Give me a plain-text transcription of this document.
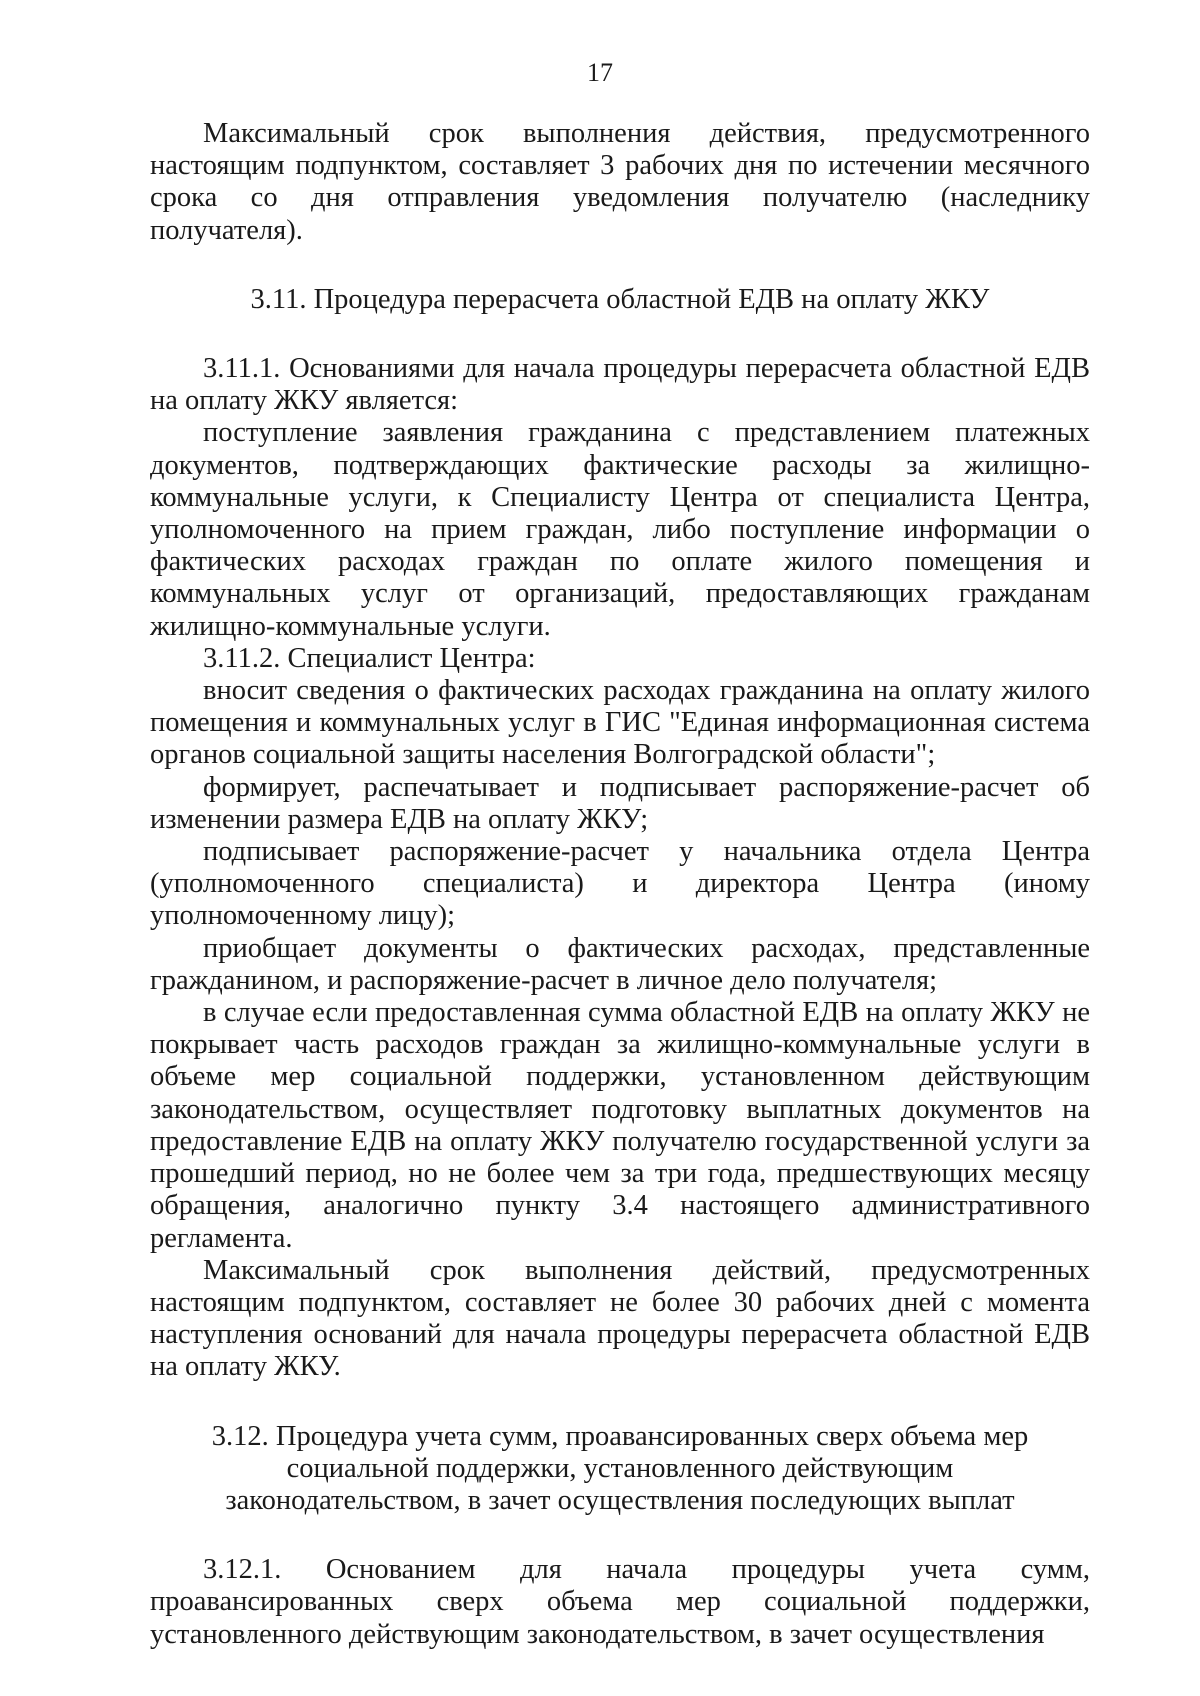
17

Максимальный срок выполнения действия, предусмотренного настоящим подпунктом, составляет 3 рабочих дня по истечении месячного срока со дня отправления уведомления получателю (наследнику получателя).

3.11. Процедура перерасчета областной ЕДВ на оплату ЖКУ

3.11.1. Основаниями для начала процедуры перерасчета областной ЕДВ на оплату ЖКУ является:

поступление заявления гражданина с представлением платежных документов, подтверждающих фактические расходы за жилищно-коммунальные услуги, к Специалисту Центра от специалиста Центра, уполномоченного на прием граждан, либо поступление информации о фактических расходах граждан по оплате жилого помещения и коммунальных услуг от организаций, предоставляющих гражданам жилищно-коммунальные услуги.

3.11.2. Специалист Центра:

вносит сведения о фактических расходах гражданина на оплату жилого помещения и коммунальных услуг в ГИС "Единая информационная система органов социальной защиты населения Волгоградской области";

формирует, распечатывает и подписывает распоряжение-расчет об изменении размера ЕДВ на оплату ЖКУ;

подписывает распоряжение-расчет у начальника отдела Центра (уполномоченного специалиста) и директора Центра (иному уполномоченному лицу);

приобщает документы о фактических расходах, представленные гражданином, и распоряжение-расчет в личное дело получателя;

в случае если предоставленная сумма областной ЕДВ на оплату ЖКУ не покрывает часть расходов граждан за жилищно-коммунальные услуги в объеме мер социальной поддержки, установленном действующим законодательством, осуществляет подготовку выплатных документов на предоставление ЕДВ на оплату ЖКУ получателю государственной услуги за прошедший период, но не более чем за три года, предшествующих месяцу обращения, аналогично пункту 3.4 настоящего административного регламента.

Максимальный срок выполнения действий, предусмотренных настоящим подпунктом, составляет не более 30 рабочих дней с момента наступления оснований для начала процедуры перерасчета областной ЕДВ на оплату ЖКУ.

3.12. Процедура учета сумм, проавансированных сверх объема мер социальной поддержки, установленного действующим законодательством, в зачет осуществления последующих выплат

3.12.1. Основанием для начала процедуры учета сумм, проавансированных сверх объема мер социальной поддержки, установленного действующим законодательством, в зачет осуществления
